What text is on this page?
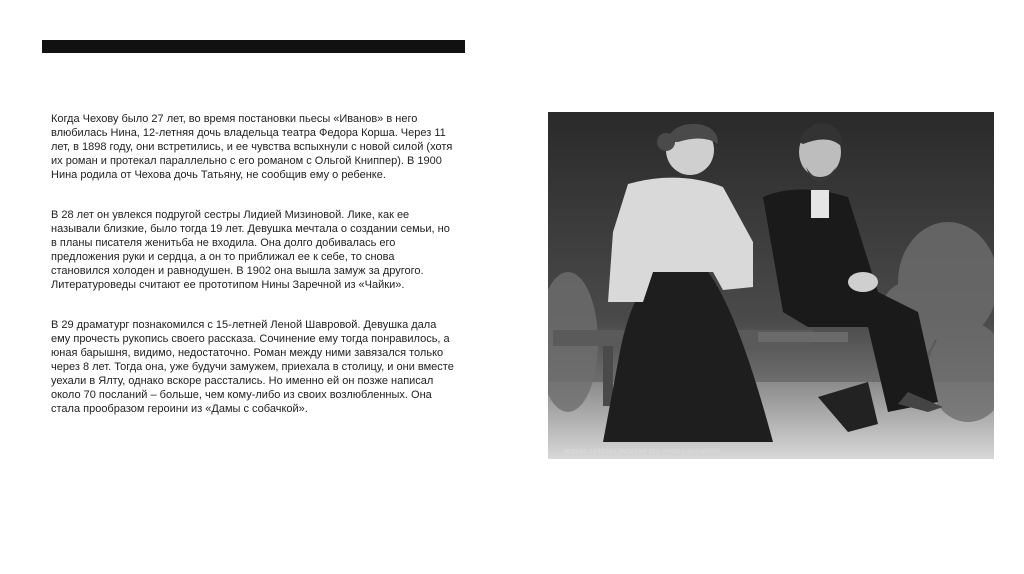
Когда Чехову было 27 лет, во время постановки пьесы «Иванов» в него влюбилась Нина, 12-летняя дочь владельца театра Федора Корша. Через 11 лет, в 1898 году, они встретились, и ее чувства вспыхнули с новой силой (хотя их роман и протекал параллельно с его романом с Ольгой Книппер). В 1900 Нина родила от Чехова дочь Татьяну, не сообщив ему о ребенке.

В 28 лет он увлекся подругой сестры Лидией Мизиновой. Лике, как ее называли близкие, было тогда 19 лет. Девушка мечтала о создании семьи, но в планы писателя женитьба не входила. Она долго добивалась его предложения руки и сердца, а он то приближал ее к себе, то снова становился холоден и равнодушен. В 1902 она вышла замуж за другого. Литературоведы считают ее прототипом Нины Заречной из «Чайки».

В 29 драматург познакомился с 15-летней Леной Шавровой. Девушка дала ему прочесть рукопись своего рассказа. Сочинение ему тогда понравилось, а юная барышня, видимо, недостаточно. Роман между ними завязался только через 8 лет. Тогда она, уже будучи замужем, приехала в столицу, и они вместе уехали в Ялту, однако вскоре расстались. Но именно ей он позже написал около 70 посланий – больше, чем кому-либо из своих возлюбленных. Она стала прообразом героини из «Дамы с собачкой».

ЯНДЕКС ЗАПИСКИ ИМПЕРИИ ZEN.YANDEX.RU/ZAPISKI
